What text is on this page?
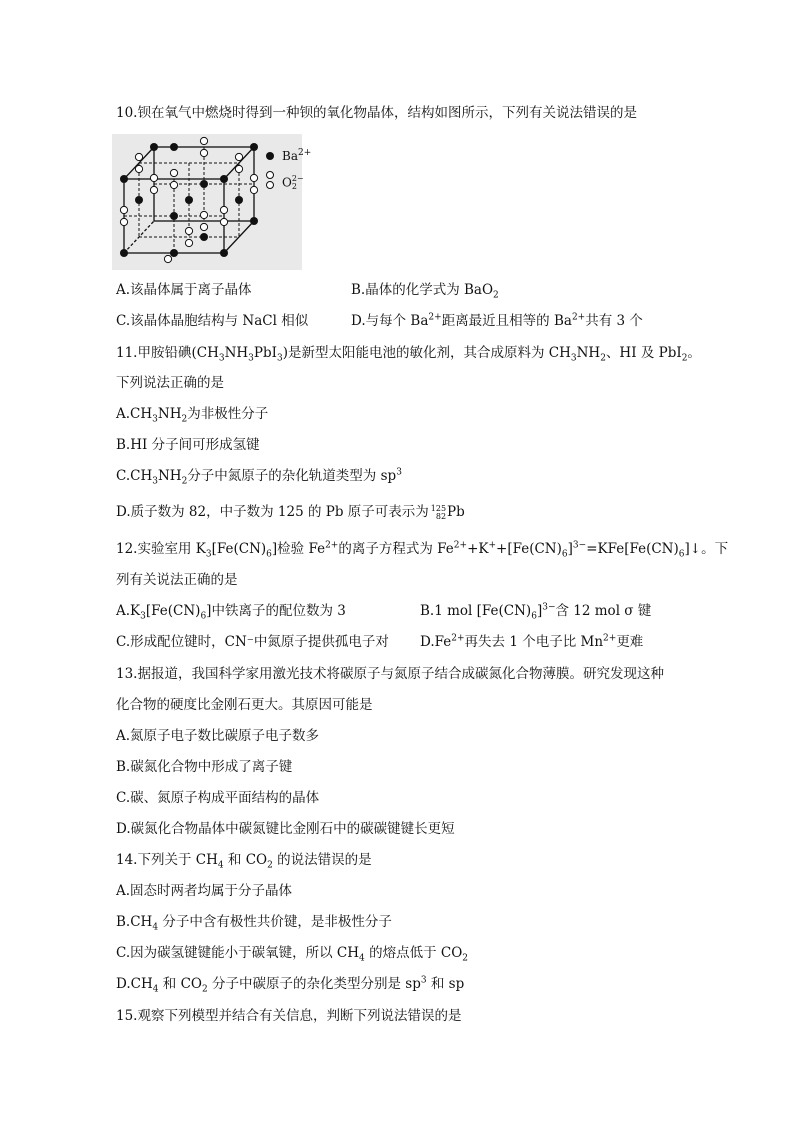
10.钡在氧气中燃烧时得到一种钡的氧化物晶体，结构如图所示，下列有关说法错误的是
$Ba^{2+}$
O 2−
2
A.该晶体属于离子晶体	B.晶体的化学式为 BaO$_2$
C.该晶体晶胞结构与 NaCl 相似	D.与每个 $Ba^{2+}$距离最近且相等的 $Ba^{2+}$共有 3 个
11.甲胺铅碘$(CH_3NH_3PbI_3)$是新型太阳能电池的敏化剂，其合成原料为 $CH_3NH_2$、HI 及 PbI$_2$。
下列说法正确的是
$A.CH_3NH_2$为非极性分子
B.HI 分子间可形成氢键
$C.CH_3NH_2$分子中氮原子的杂化轨道类型为 $sp^3$
D.质子数为 82，中子数为 125 的 Pb 原子可表示为 125
82 Pb
12.实验室用 $K_3[Fe(CN)_6]$检验 $Fe^{2+}$的离子方程式为 $Fe^{2+}+K^++[Fe(CN)_6]^{3-}=KFe[Fe(CN)_6]↓$。下
列有关说法正确的是
$A.K_3[Fe(CN)_6]$中铁离子的配位数为 3	B.1 mol $[Fe(CN)_6]^{3-}$含 12 mol σ 键
C.形成配位键时，CN⁻中氮原子提供孤电子对 $D.Fe^{2+}$再失去 1 个电子比 $Mn^{2+}$更难
13.据报道，我国科学家用激光技术将碳原子与氮原子结合成碳氮化合物薄膜。研究发现这种
化合物的硬度比金刚石更大。其原因可能是
A.氮原子电子数比碳原子电子数多
B.碳氮化合物中形成了离子键
C.碳、氮原子构成平面结构的晶体
D.碳氮化合物晶体中碳氮键比金刚石中的碳碳键键长更短
14.下列关于 $CH_4$ 和 $CO_2$ 的说法错误的是
A.固态时两者均属于分子晶体
$B.CH_4$ 分子中含有极性共价键，是非极性分子
C.因为碳氢键键能小于碳氧键，所以 $CH_4$ 的熔点低于 $CO_2$
$D.CH_4$ 和 $CO_2$ 分子中碳原子的杂化类型分别是 $sp^3$ 和 sp
15.观察下列模型并结合有关信息，判断下列说法错误的是
